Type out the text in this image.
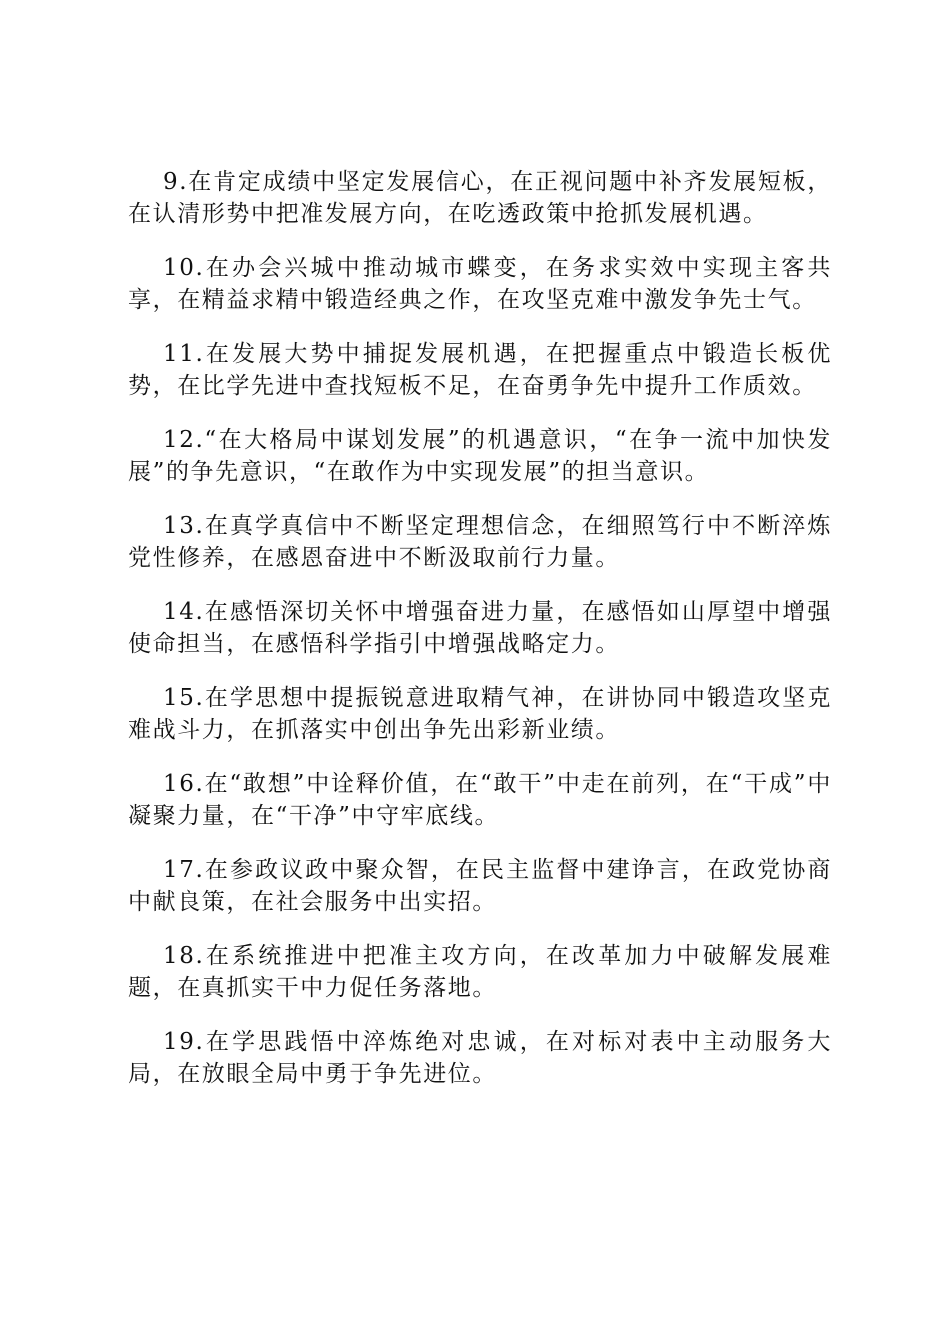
9.在肯定成绩中坚定发展信心，在正视问题中补齐发展短板，在认清形势中把准发展方向，在吃透政策中抢抓发展机遇。

10.在办会兴城中推动城市蝶变，在务求实效中实现主客共享，在精益求精中锻造经典之作，在攻坚克难中激发争先士气。

11.在发展大势中捕捉发展机遇，在把握重点中锻造长板优势，在比学先进中查找短板不足，在奋勇争先中提升工作质效。

12.“在大格局中谋划发展”的机遇意识，“在争一流中加快发展”的争先意识，“在敢作为中实现发展”的担当意识。

13.在真学真信中不断坚定理想信念，在细照笃行中不断淬炼党性修养，在感恩奋进中不断汲取前行力量。

14.在感悟深切关怀中增强奋进力量，在感悟如山厚望中增强使命担当，在感悟科学指引中增强战略定力。

15.在学思想中提振锐意进取精气神，在讲协同中锻造攻坚克难战斗力，在抓落实中创出争先出彩新业绩。

16.在“敢想”中诠释价值，在“敢干”中走在前列，在“干成”中凝聚力量，在“干净”中守牢底线。

17.在参政议政中聚众智，在民主监督中建诤言，在政党协商中献良策，在社会服务中出实招。

18.在系统推进中把准主攻方向，在改革加力中破解发展难题，在真抓实干中力促任务落地。

19.在学思践悟中淬炼绝对忠诚，在对标对表中主动服务大局，在放眼全局中勇于争先进位。
